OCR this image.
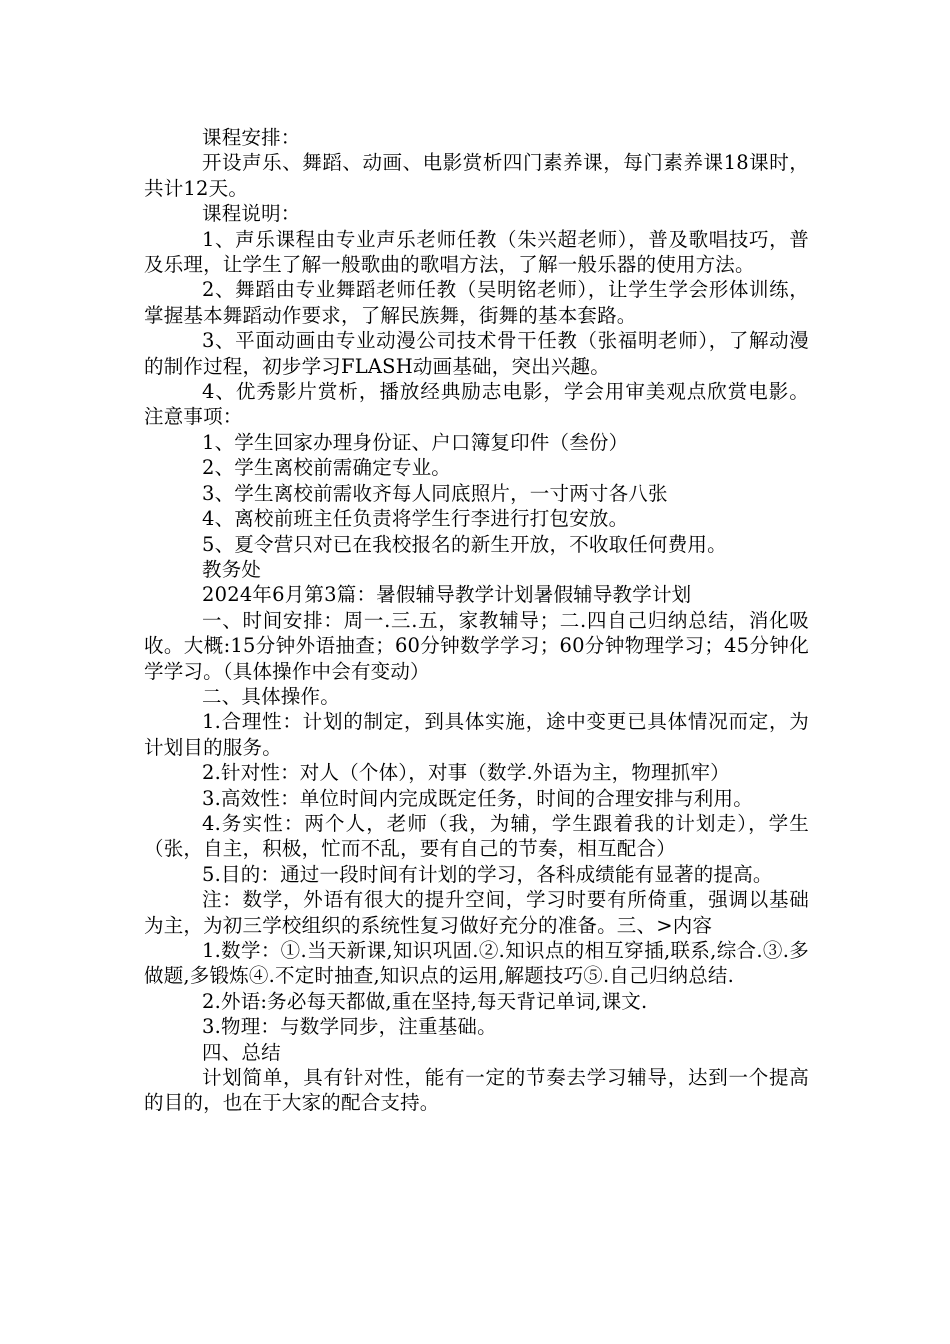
课程安排：

开设声乐、舞蹈、动画、电影赏析四门素养课，每门素养课18课时，共计12天。

课程说明：

1、声乐课程由专业声乐老师任教（朱兴超老师），普及歌唱技巧，普及乐理，让学生了解一般歌曲的歌唱方法，了解一般乐器的使用方法。

2、舞蹈由专业舞蹈老师任教（吴明铭老师），让学生学会形体训练，掌握基本舞蹈动作要求，了解民族舞，街舞的基本套路。

3、平面动画由专业动漫公司技术骨干任教（张福明老师），了解动漫的制作过程，初步学习FLASH动画基础，突出兴趣。

4、优秀影片赏析，播放经典励志电影，学会用审美观点欣赏电影。 注意事项：

1、学生回家办理身份证、户口簿复印件（叁份）

2、学生离校前需确定专业。

3、学生离校前需收齐每人同底照片，一寸两寸各八张

4、离校前班主任负责将学生行李进行打包安放。

5、夏令营只对已在我校报名的新生开放，不收取任何费用。

教务处

2024年6月第3篇：暑假辅导教学计划暑假辅导教学计划

一、时间安排：周一.三.五，家教辅导；二.四自己归纳总结，消化吸收。大概:15分钟外语抽查；60分钟数学学习；60分钟物理学习；45分钟化学学习。（具体操作中会有变动）

二、具体操作。

1.合理性：计划的制定，到具体实施，途中变更已具体情况而定，为计划目的服务。

2.针对性：对人（个体），对事（数学.外语为主，物理抓牢）

3.高效性：单位时间内完成既定任务，时间的合理安排与利用。

4.务实性：两个人，老师（我，为辅，学生跟着我的计划走），学生（张，自主，积极，忙而不乱，要有自己的节奏，相互配合）

5.目的：通过一段时间有计划的学习，各科成绩能有显著的提高。

注：数学，外语有很大的提升空间，学习时要有所倚重，强调以基础为主，为初三学校组织的系统性复习做好充分的准备。三、>内容

1.数学：①.当天新课,知识巩固.②.知识点的相互穿插,联系,综合.③.多做题,多锻炼④.不定时抽查,知识点的运用,解题技巧⑤.自己归纳总结.

2.外语:务必每天都做,重在坚持,每天背记单词,课文.

3.物理：与数学同步，注重基础。

四、总结

计划简单，具有针对性，能有一定的节奏去学习辅导，达到一个提高的目的，也在于大家的配合支持。
